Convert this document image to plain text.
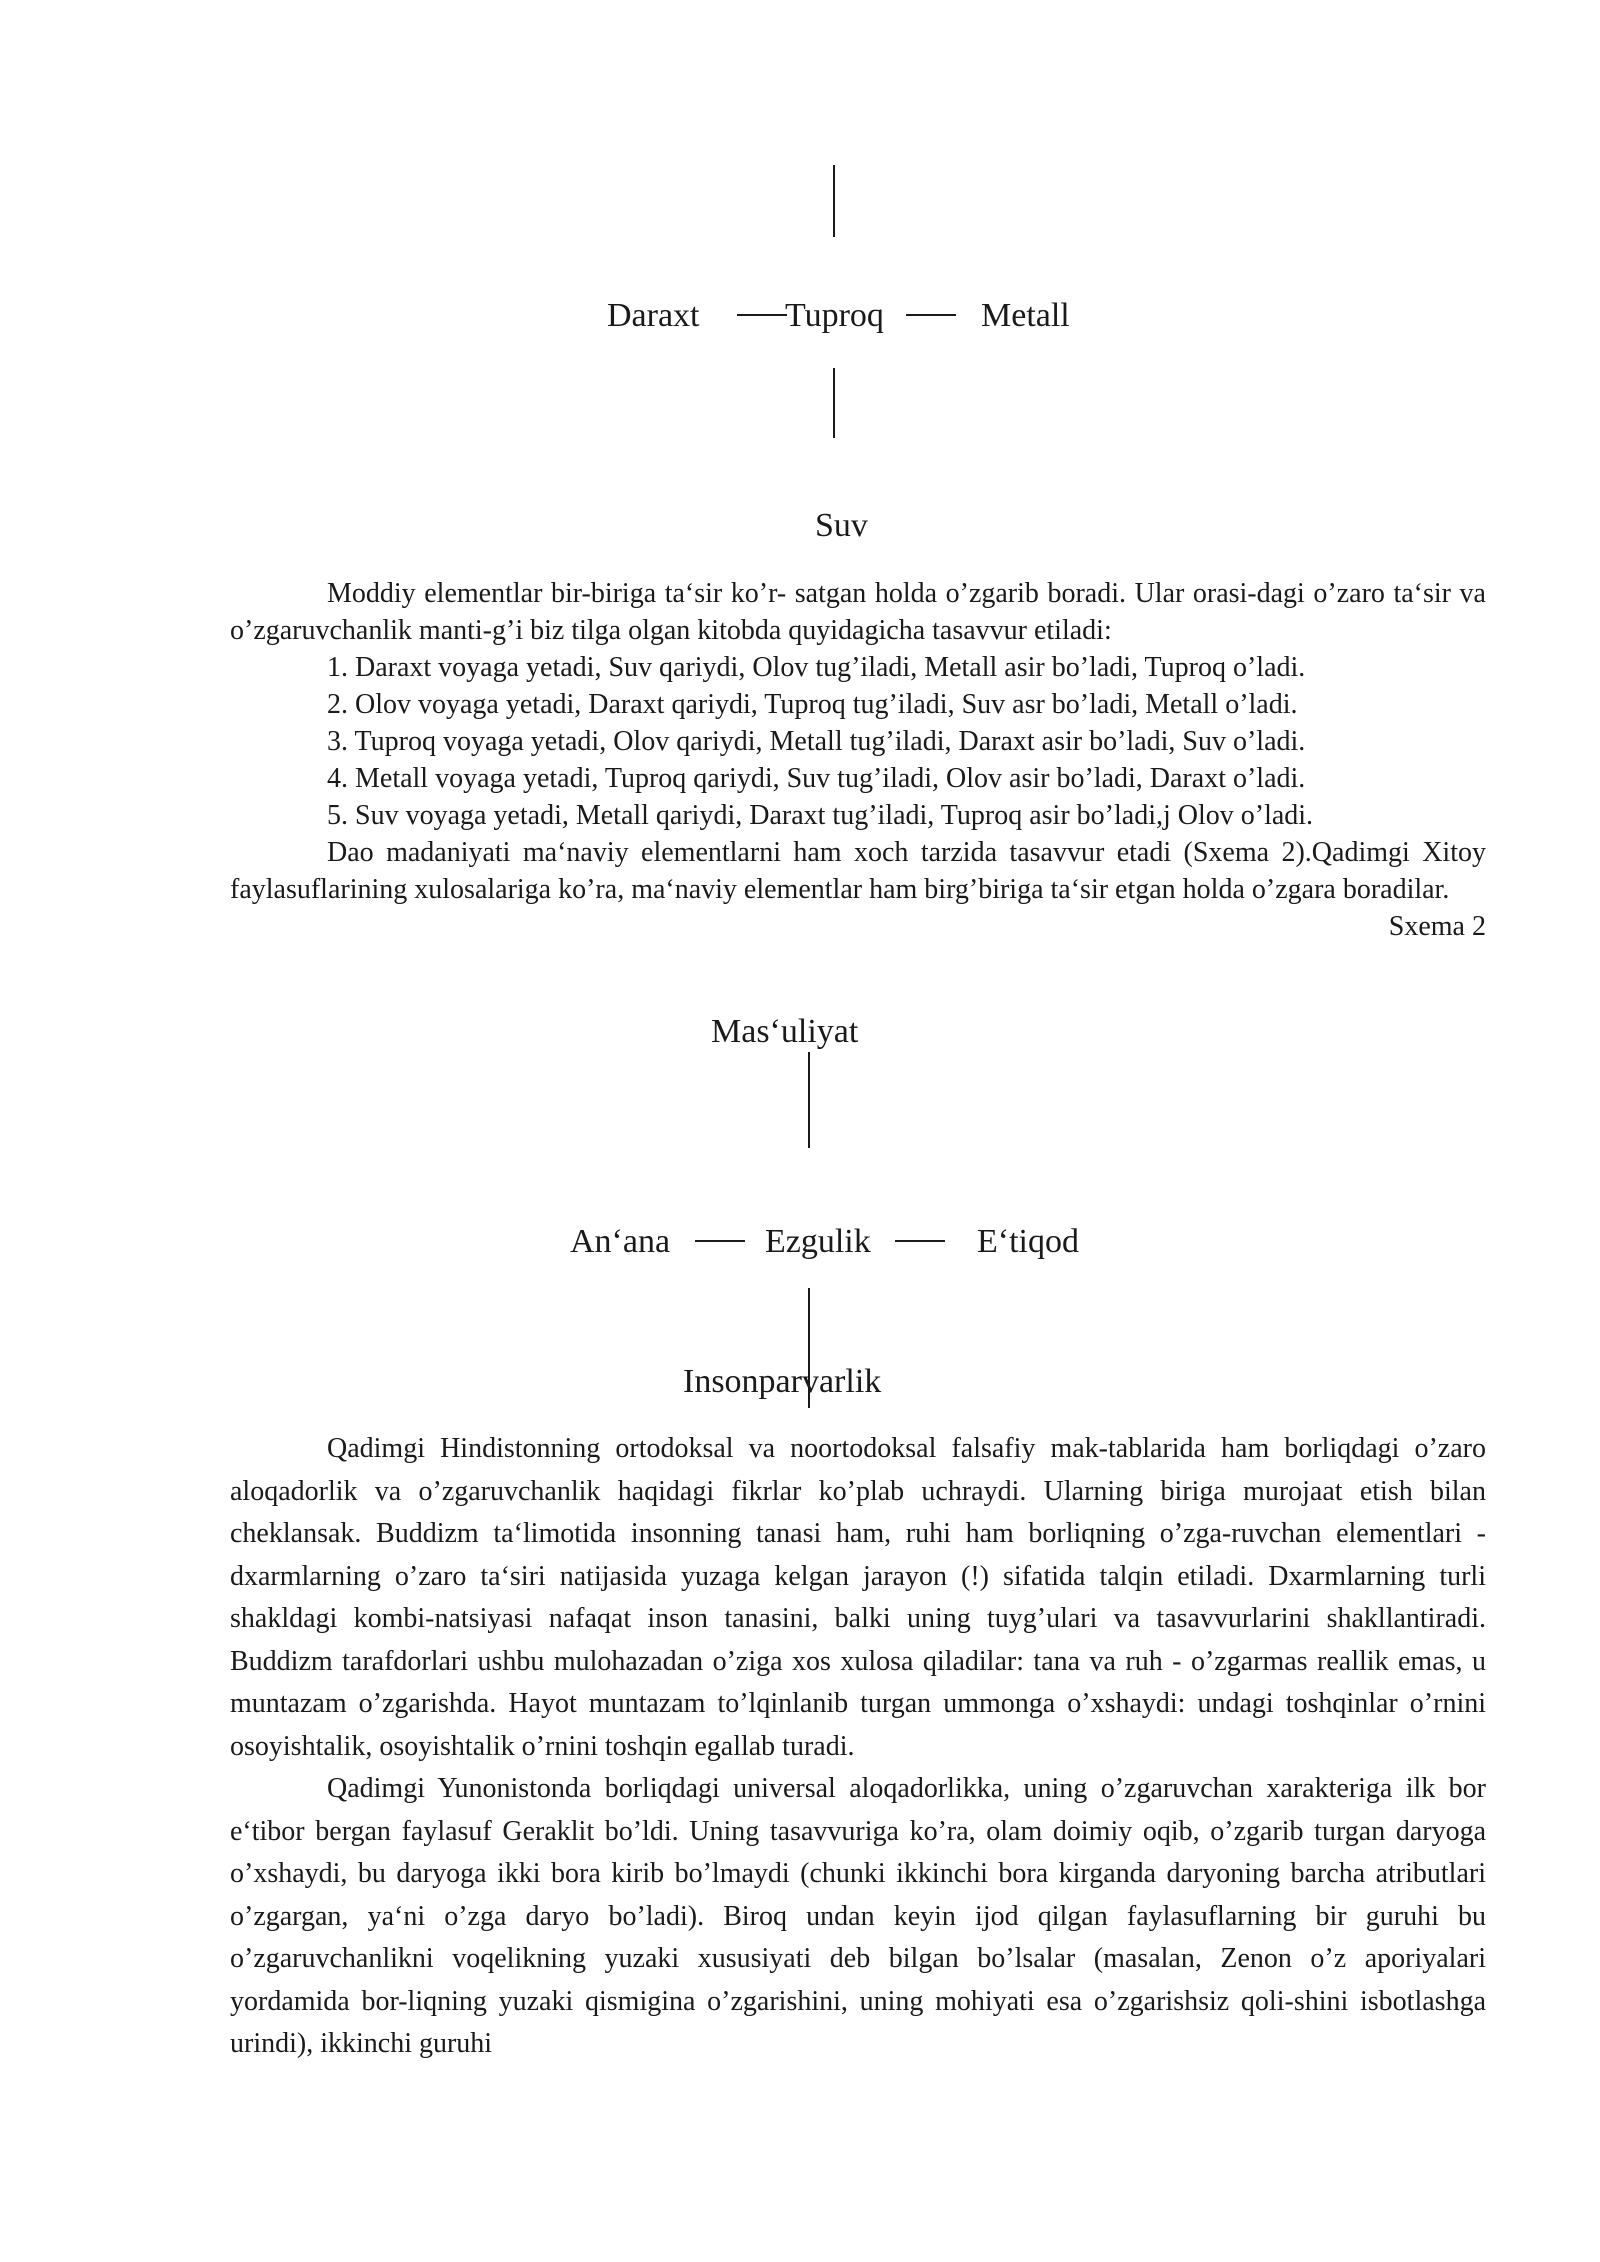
Daraxt	Tuproq	Metall
Suv

Moddiy elementlar bir-biriga ta‘sir ko’r- satgan holda o’zgarib boradi. Ular orasi-dagi o’zaro ta‘sir va o’zgaruvchanlik manti-g’i biz tilga olgan kitobda quyidagicha tasavvur etiladi:

1. Daraxt voyaga yetadi, Suv qariydi, Olov tug’iladi, Metall asir bo’ladi, Tuproq o’ladi.

2. Olov voyaga yetadi, Daraxt qariydi, Tuproq tug’iladi, Suv asr bo’ladi, Metall o’ladi.

3. Tuproq voyaga yetadi, Olov qariydi, Metall tug’iladi, Daraxt asir bo’ladi, Suv o’ladi.

4. Metall voyaga yetadi, Tuproq qariydi, Suv tug’iladi, Olov asir bo’ladi, Daraxt o’ladi.

5. Suv voyaga yetadi, Metall qariydi, Daraxt tug’iladi, Tuproq asir bo’ladi,j Olov o’ladi.

Dao madaniyati ma‘naviy elementlarni ham xoch tarzida tasavvur etadi (Sxema 2).Qadimgi Xitoy faylasuflarining xulosalariga ko’ra, ma‘naviy elementlar ham birg’biriga ta‘sir etgan holda o’zgara boradilar.

Sxema 2

Mas‘uliyat
An‘ana	Ezgulik	E‘tiqod
Insonparvarlik

Qadimgi Hindistonning ortodoksal va noortodoksal falsafiy mak-tablarida ham borliqdagi o’zaro aloqadorlik va o’zgaruvchanlik haqidagi fikrlar ko’plab uchraydi. Ularning biriga murojaat etish bilan cheklansak. Buddizm ta‘limotida insonning tanasi ham, ruhi ham borliqning o’zga-ruvchan elementlari - dxarmlarning o’zaro ta‘siri natijasida yuzaga kelgan jarayon (!) sifatida talqin etiladi. Dxarmlarning turli shakldagi kombi-natsiyasi nafaqat inson tanasini, balki uning tuyg’ulari va tasavvurlarini shakllantiradi. Buddizm tarafdorlari ushbu mulohazadan o’ziga xos xulosa qiladilar: tana va ruh - o’zgarmas reallik emas, u muntazam o’zgarishda. Hayot muntazam to’lqinlanib turgan ummonga o’xshaydi: undagi toshqinlar o’rnini osoyishtalik, osoyishtalik o’rnini toshqin egallab turadi.

Qadimgi Yunonistonda borliqdagi universal aloqadorlikka, uning o’zgaruvchan xarakteriga ilk bor e‘tibor bergan faylasuf Geraklit bo’ldi. Uning tasavvuriga ko’ra, olam doimiy oqib, o’zgarib turgan daryoga o’xshaydi, bu daryoga ikki bora kirib bo’lmaydi (chunki ikkinchi bora kirganda daryoning barcha atributlari o’zgargan, ya‘ni o’zga daryo bo’ladi). Biroq undan keyin ijod qilgan faylasuflarning bir guruhi bu o’zgaruvchanlikni voqelikning yuzaki xususiyati deb bilgan bo’lsalar (masalan, Zenon o’z aporiyalari yordamida bor-liqning yuzaki qismigina o’zgarishini, uning mohiyati esa o’zgarishsiz qoli-shini isbotlashga urindi), ikkinchi guruhi
